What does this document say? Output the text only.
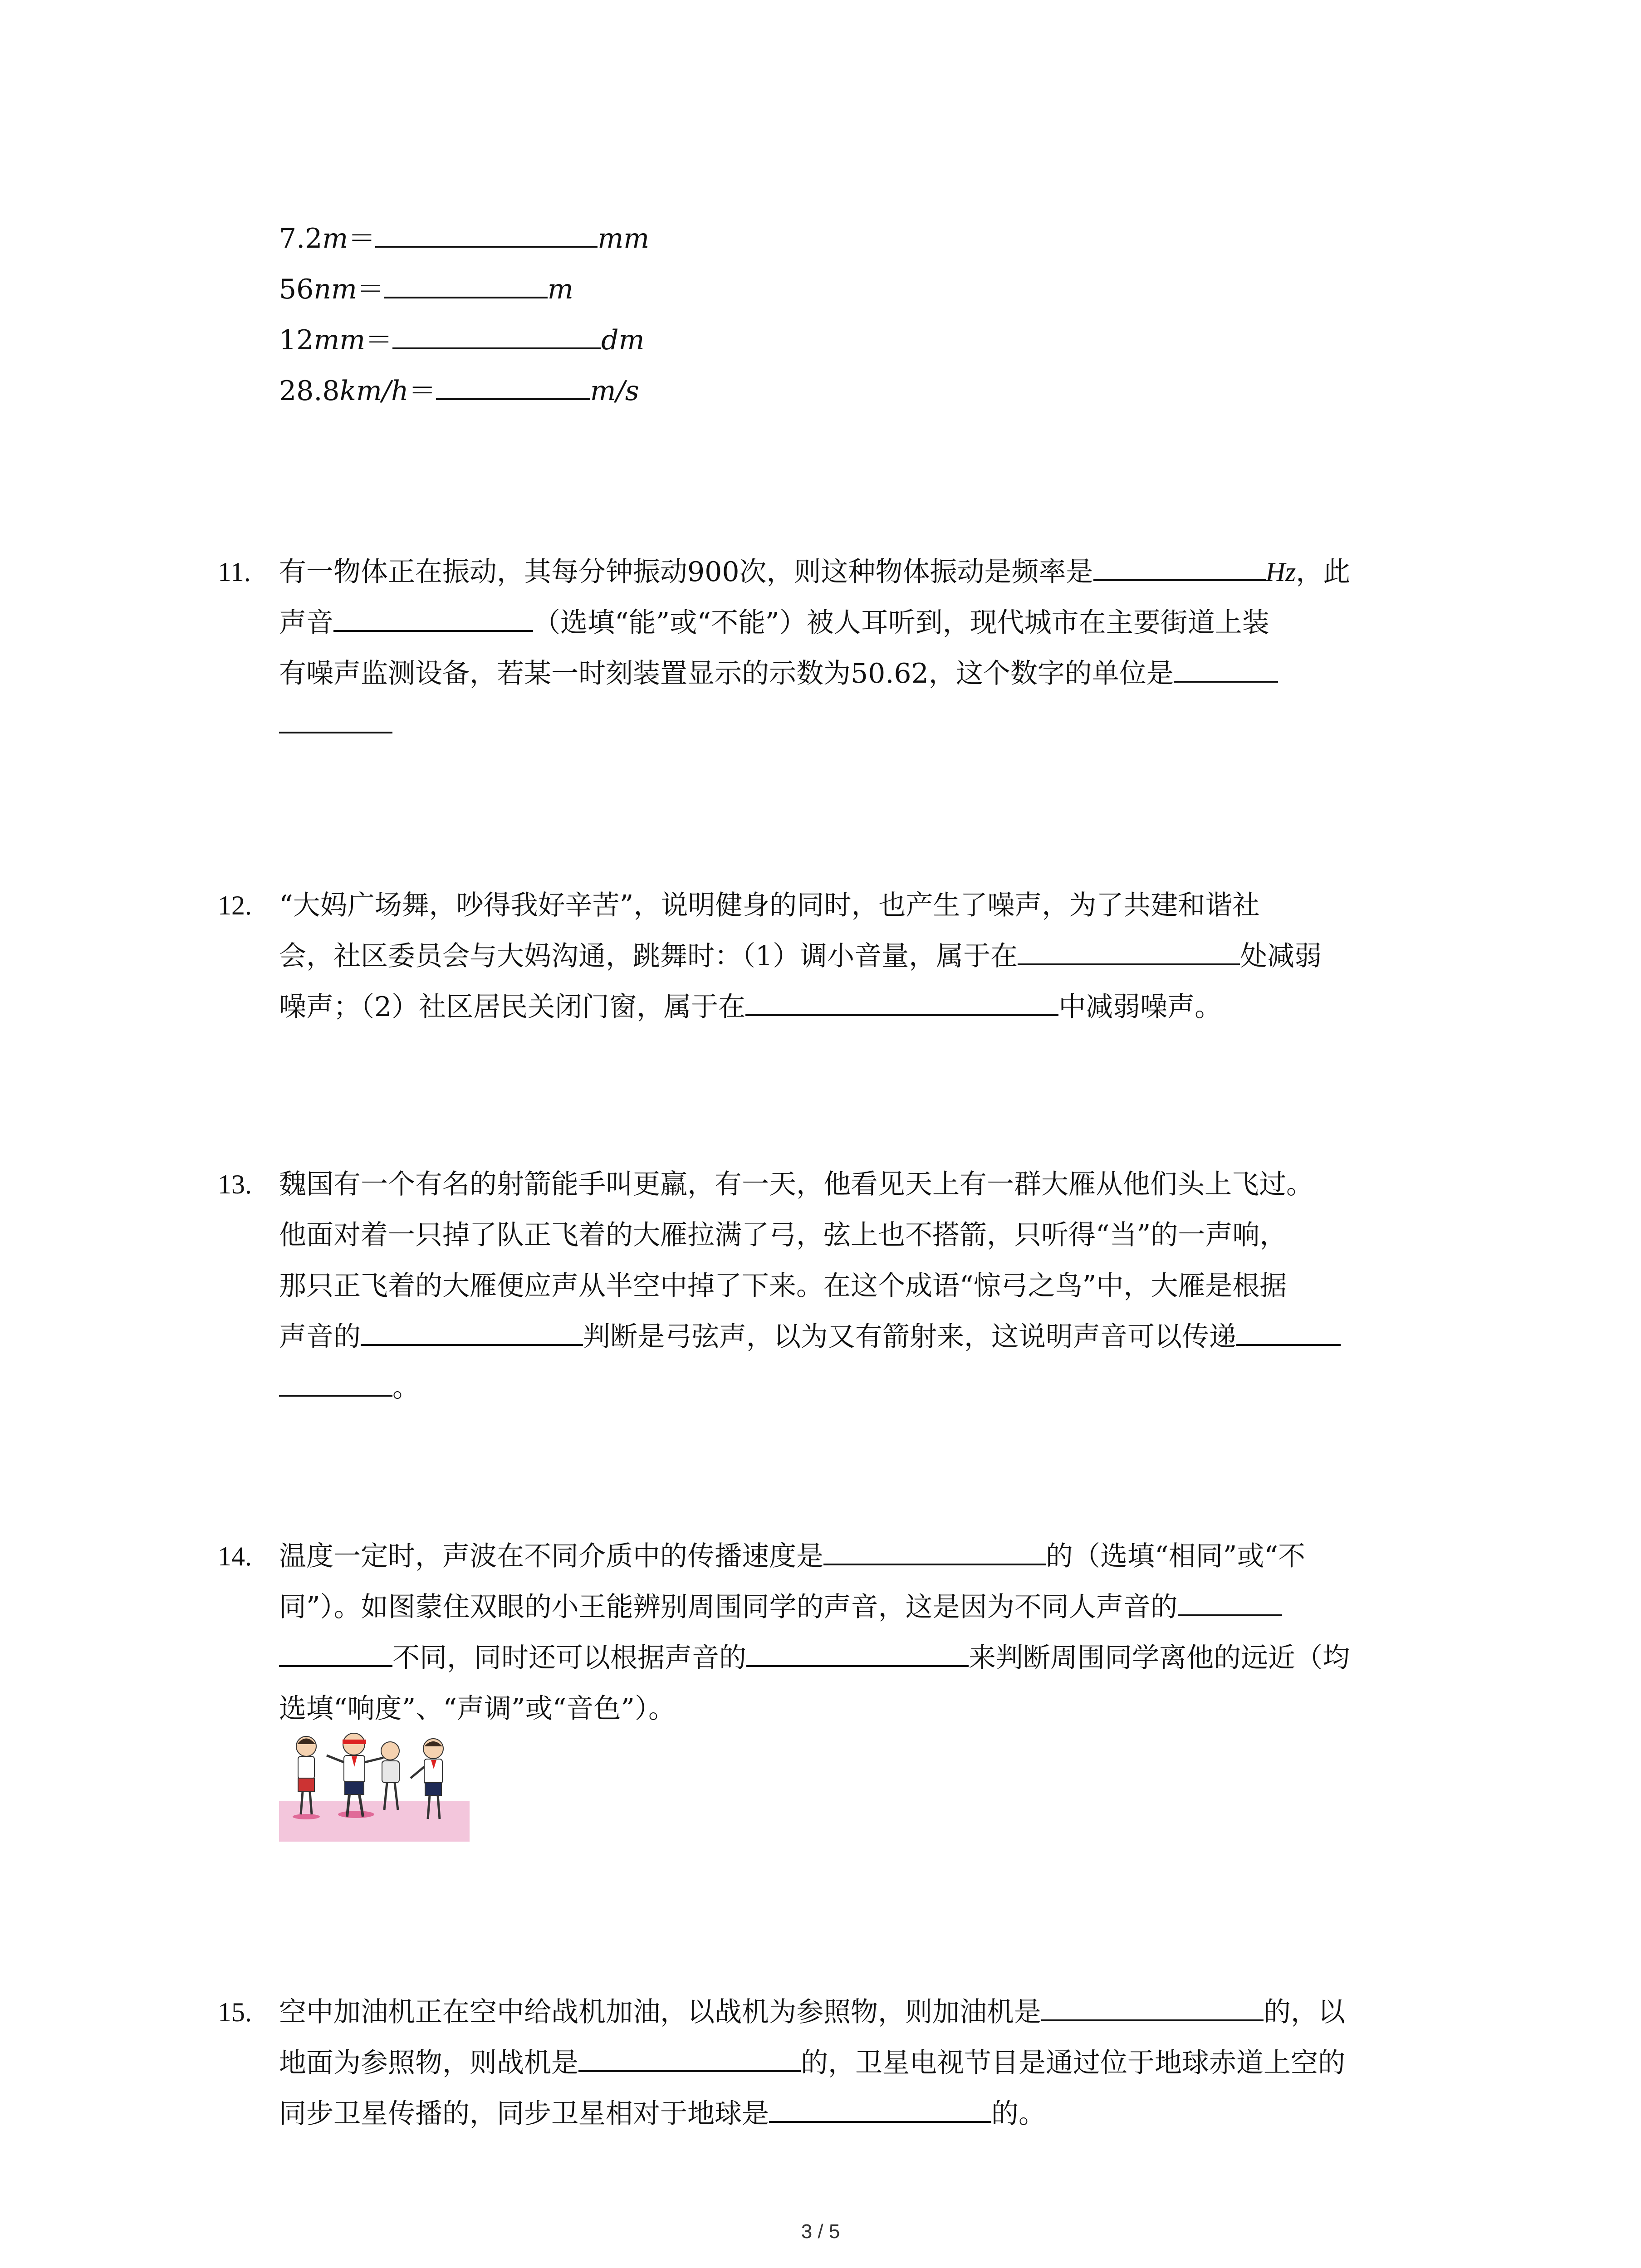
7.2m＝	mm
56nm＝	m
12mm＝	dm
28.8km/h＝	m/s
11. 有一物体正在振动，其每分钟振动900次，则这种物体振动是频率是	Hz，此
声音	（选填“能”或“不能”）被人耳听到，现代城市在主要街道上装
有噪声监测设备，若某一时刻装置显示的示数为50.62，这个数字的单位是
12. “大妈广场舞，吵得我好辛苦”，说明健身的同时，也产生了噪声，为了共建和谐社
会，社区委员会与大妈沟通，跳舞时：（1）调小音量，属于在	处减弱
噪声；（2）社区居民关闭门窗，属于在	中减弱噪声。
13. 魏国有一个有名的射箭能手叫更羸，有一天，他看见天上有一群大雁从他们头上飞过。
他面对着一只掉了队正飞着的大雁拉满了弓，弦上也不搭箭，只听得“当”的一声响，
那只正飞着的大雁便应声从半空中掉了下来。在这个成语“惊弓之鸟”中，大雁是根据
声音的	判断是弓弦声，以为又有箭射来，这说明声音可以传递
。
14. 温度一定时，声波在不同介质中的传播速度是	的（选填“相同”或“不
同”）。如图蒙住双眼的小王能辨别周围同学的声音，这是因为不同人声音的
不同，同时还可以根据声音的	来判断周围同学离他的远近（均
选填“响度”、“声调”或“音色”）。
15. 空中加油机正在空中给战机加油，以战机为参照物，则加油机是	的，以
地面为参照物，则战机是	的，卫星电视节目是通过位于地球赤道上空的
同步卫星传播的，同步卫星相对于地球是	的。
3 / 5
